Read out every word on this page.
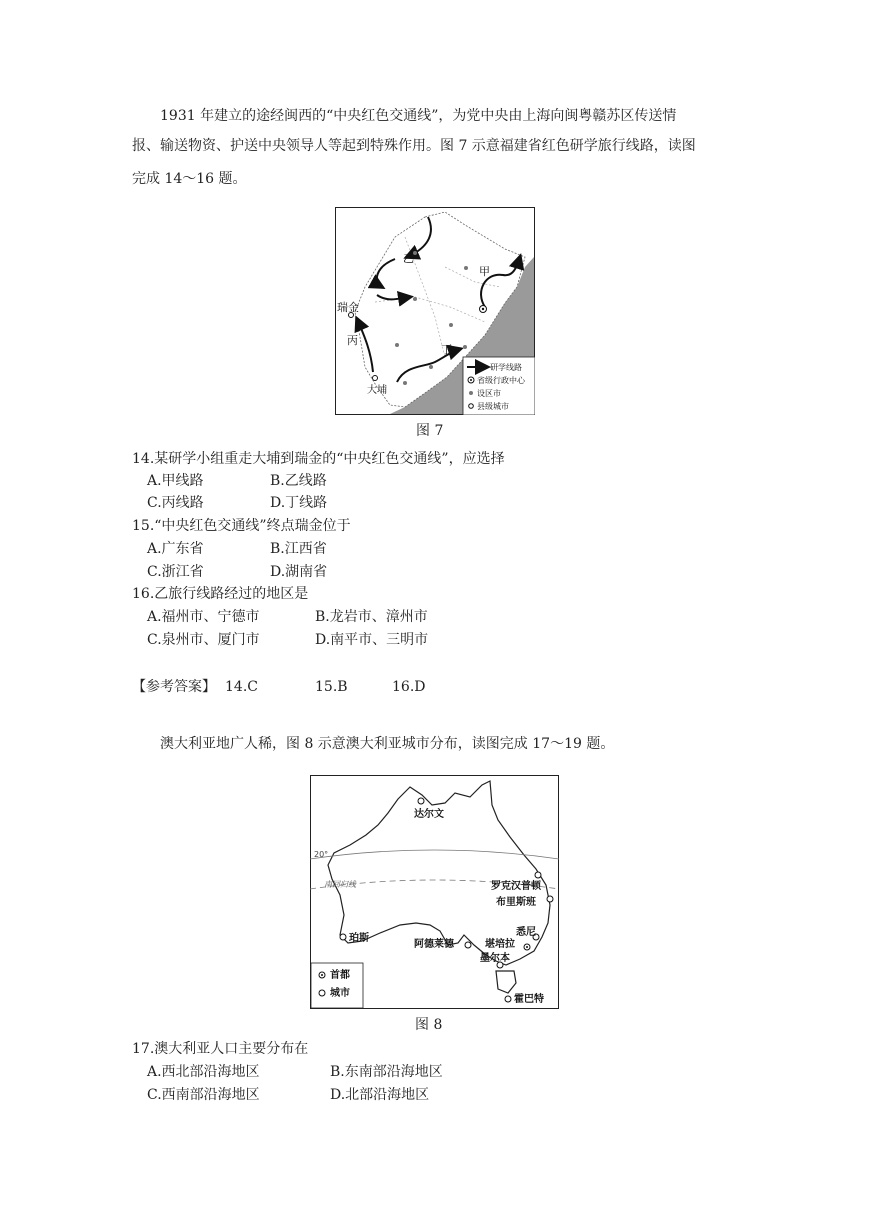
1931 年建立的途经闽西的“中央红色交通线”，为党中央由上海向闽粤赣苏区传送情
报、输送物资、护送中央领导人等起到特殊作用。图 7 示意福建省红色研学旅行线路，读图
完成 14～16 题。
乙
甲
瑞金
丙
丁
大埔
研学线路
省级行政中心
设区市
县级城市
图 7
14.某研学小组重走大埔到瑞金的“中央红色交通线”，应选择
A.甲线路	B.乙线路
C.丙线路	D.丁线路
15.“中央红色交通线”终点瑞金位于
A.广东省	B.江西省
C.浙江省	D.湖南省
16.乙旅行线路经过的地区是
A.福州市、宁德市	B.龙岩市、漳州市
C.泉州市、厦门市	D.南平市、三明市
【参考答案】 14.C	15.B	16.D
澳大利亚地广人稀，图 8 示意澳大利亚城市分布，读图完成 17～19 题。
20°
南回归线
达尔文
罗克汉普顿
布里斯班
珀斯
阿德莱德	堪培拉
悉尼
墨尔本
霍巴特
首都
城市
图 8
17.澳大利亚人口主要分布在
A.西北部沿海地区	B.东南部沿海地区
C.西南部沿海地区	D.北部沿海地区
